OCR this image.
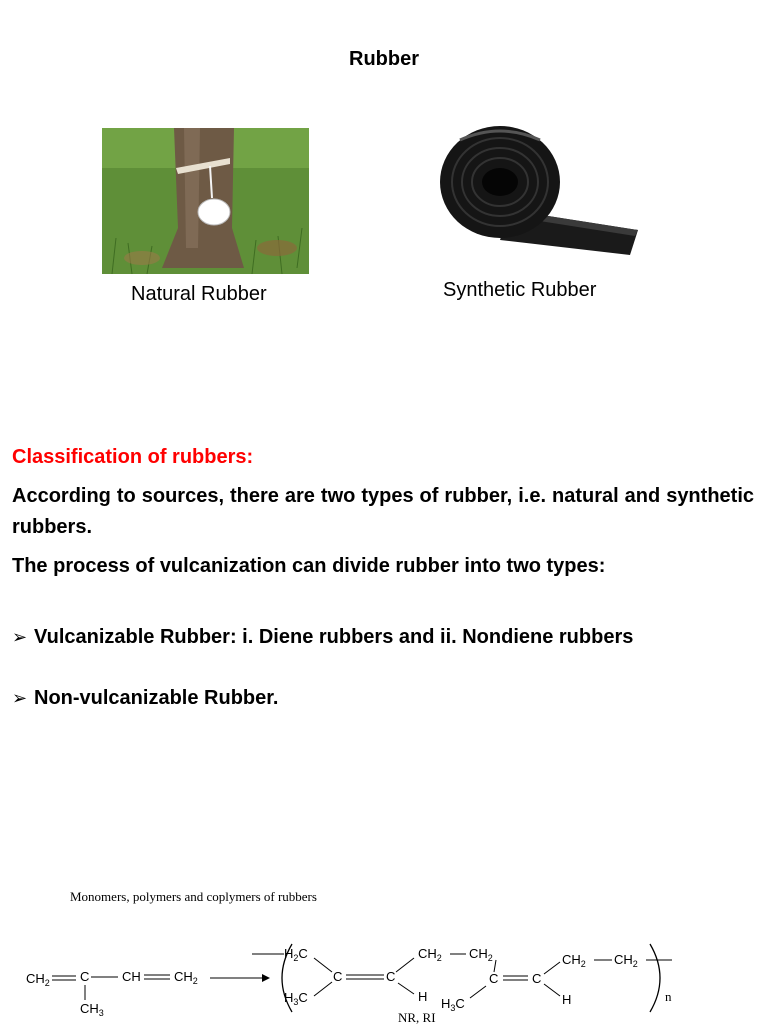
Rubber
Natural Rubber	Synthetic Rubber
Classification of rubbers:
According to sources, there are two types of rubber, i.e. natural and synthetic rubbers.
The process of vulcanization can divide rubber into two types:
➢ Vulcanizable Rubber: i. Diene rubbers and ii. Nondiene rubbers
➢ Non-vulcanizable Rubber.
Monomers, polymers and coplymers of rubbers
$CH_2$ C	CH	$CH_2$
$CH_3$
$H_2C$
$H_3C$
C	C
H
$CH_2$ $CH_2$
C	C
$H_3C$	H
$CH_2$ $CH_2$
n
NR, RI
